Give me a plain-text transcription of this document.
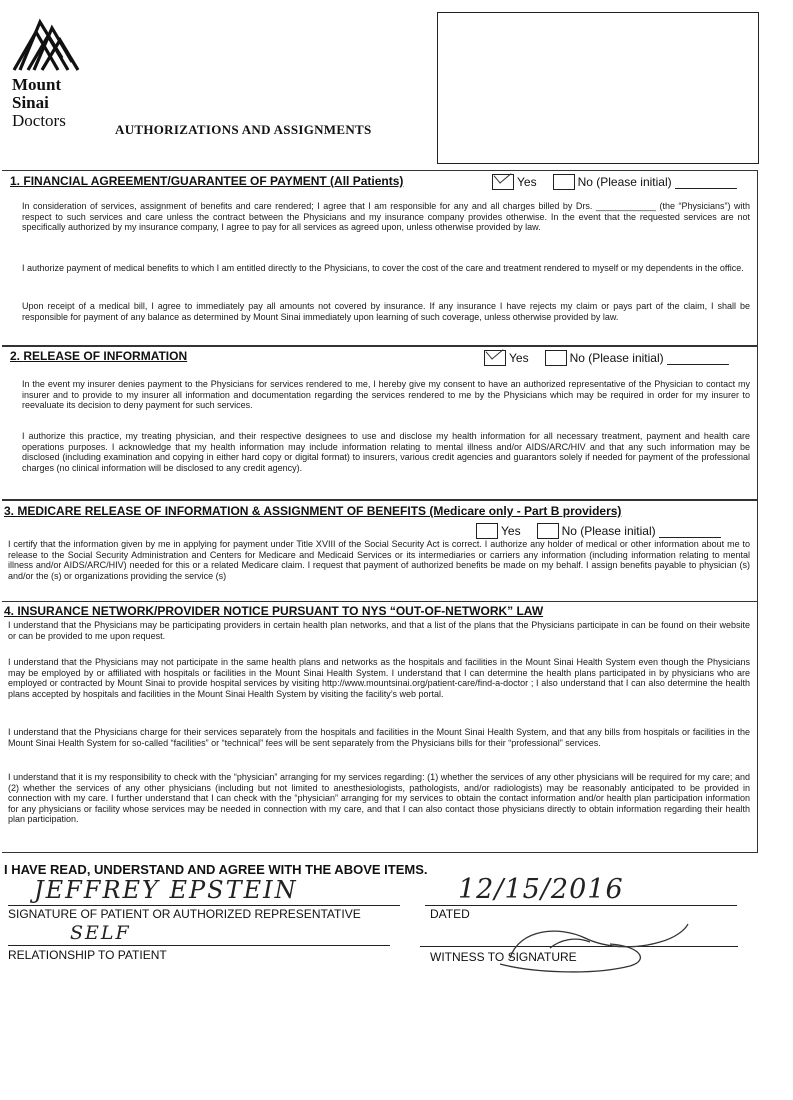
Mount
Sinai
Doctors	AUTHORIZATIONS AND ASSIGNMENTS
1. FINANCIAL AGREEMENT/GUARANTEE OF PAYMENT (All Patients)	Yes	No (Please initial)
In consideration of services, assignment of benefits and care rendered; I agree that I am responsible for any and all charges billed by Drs. ____________ (the “Physicians”) with respect to such services and care unless the contract between the Physicians and my insurance company provides otherwise. In the event that the requested services are not specifically authorized by my insurance company, I agree to pay for all services as agreed upon, unless otherwise provided by law.
I authorize payment of medical benefits to which I am entitled directly to the Physicians, to cover the cost of the care and treatment rendered to myself or my dependents in the office.
Upon receipt of a medical bill, I agree to immediately pay all amounts not covered by insurance. If any insurance I have rejects my claim or pays part of the claim, I shall be responsible for payment of any balance as determined by Mount Sinai immediately upon learning of such coverage, unless otherwise provided by law.
2. RELEASE OF INFORMATION	Yes	No (Please initial)
In the event my insurer denies payment to the Physicians for services rendered to me, I hereby give my consent to have an authorized representative of the Physician to contact my insurer and to provide to my insurer all information and documentation regarding the services rendered to me by the Physicians which may be required in order for my insurer to reevaluate its decision to deny payment for such services.
I authorize this practice, my treating physician, and their respective designees to use and disclose my health information for all necessary treatment, payment and health care operations purposes. I acknowledge that my health information may include information relating to mental illness and/or AIDS/ARC/HIV and that any such information may be disclosed (including examination and copying in either hard copy or digital format) to insurers, various credit agencies and guarantors solely if needed for payment of the professional charges (no clinical information will be disclosed to any credit agency).
3. MEDICARE RELEASE OF INFORMATION & ASSIGNMENT OF BENEFITS (Medicare only - Part B providers)
Yes	No (Please initial)
I certify that the information given by me in applying for payment under Title XVIII of the Social Security Act is correct. I authorize any holder of medical or other information about me to release to the Social Security Administration and Centers for Medicare and Medicaid Services or its intermediaries or carriers any information (including information relating to mental illness and/or AIDS/ARC/HIV) needed for this or a related Medicare claim. I request that payment of authorized benefits be made on my behalf. I assign benefits payable to physician (s) and/or the (s) or organizations providing the service (s)
4. INSURANCE NETWORK/PROVIDER NOTICE PURSUANT TO NYS “OUT-OF-NETWORK” LAW
I understand that the Physicians may be participating providers in certain health plan networks, and that a list of the plans that the Physicians participate in can be found on their website or can be provided to me upon request.
I understand that the Physicians may not participate in the same health plans and networks as the hospitals and facilities in the Mount Sinai Health System even though the Physicians may be employed by or affiliated with hospitals or facilities in the Mount Sinai Health System. I understand that I can determine the health plans participated in by physicians who are employed or contracted by Mount Sinai to provide hospital services by visiting http://www.mountsinai.org/patient-care/find-a-doctor ; I also understand that I can also determine the health plans accepted by hospitals and facilities in the Mount Sinai Health System by visiting the facility’s web portal.
I understand that the Physicians charge for their services separately from the hospitals and facilities in the Mount Sinai Health System, and that any bills from hospitals or facilities in the Mount Sinai Health System for so-called “facilities” or “technical” fees will be sent separately from the Physicians bills for their “professional” services.
I understand that it is my responsibility to check with the “physician” arranging for my services regarding: (1) whether the services of any other physicians will be required for my care; and (2) whether the services of any other physicians (including but not limited to anesthesiologists, pathologists, and/or radiologists) may be reasonably anticipated to be provided in connection with my care. I further understand that I can check with the “physician” arranging for my services to obtain the contact information and/or health plan participation information for any physicians or facility whose services may be needed in connection with my care, and that I can also contact those physicians directly to obtain information regarding their health plan participation.
I HAVE READ, UNDERSTAND AND AGREE WITH THE ABOVE ITEMS.
JEFFREY EPSTEIN
SIGNATURE OF PATIENT OR AUTHORIZED REPRESENTATIVE
12/15/2016
DATED
SELF
RELATIONSHIP TO PATIENT	WITNESS TO SIGNATURE
